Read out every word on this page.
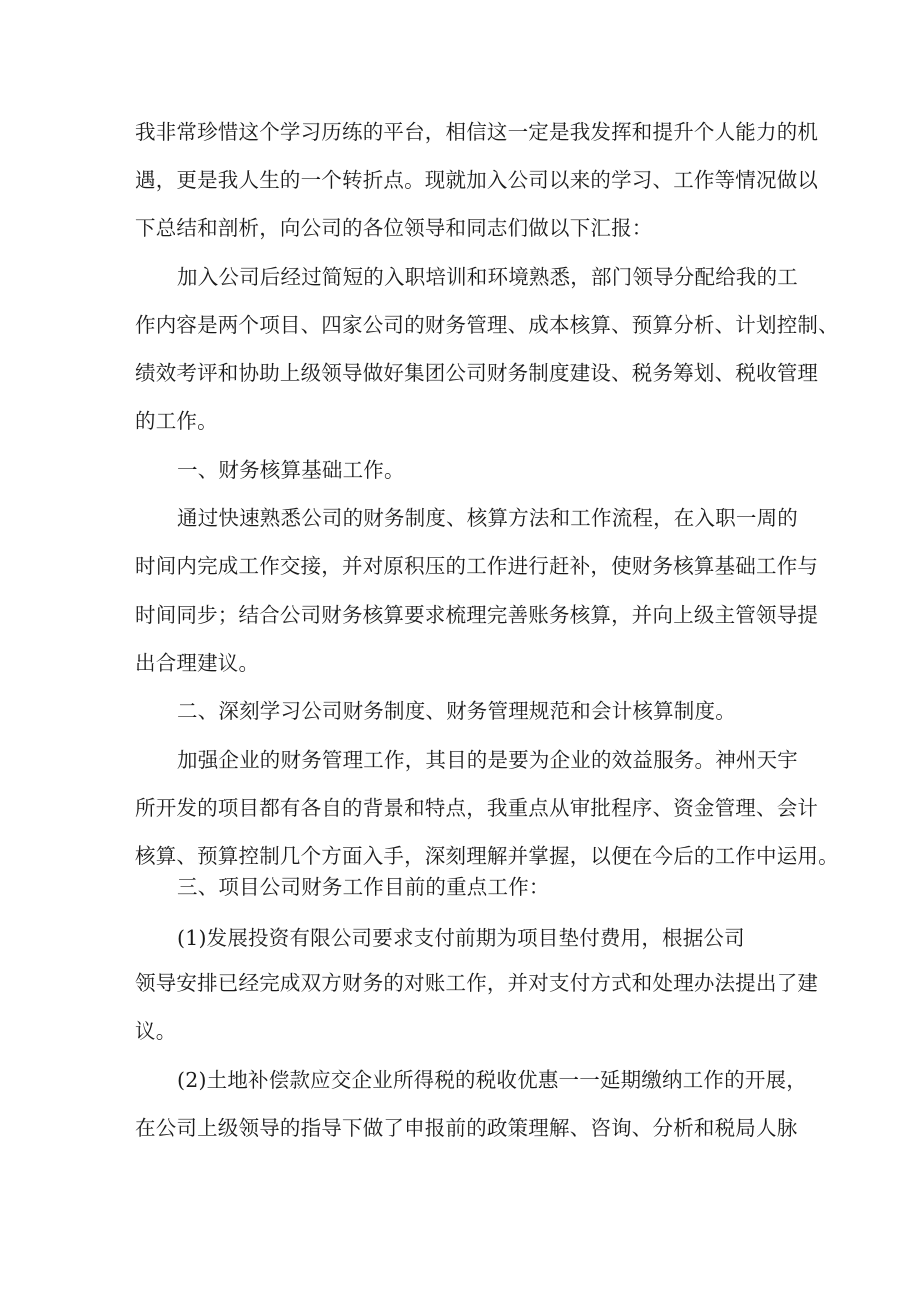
我非常珍惜这个学习历练的平台，相信这一定是我发挥和提升个人能力的机

遇，更是我人生的一个转折点。现就加入公司以来的学习、工作等情况做以

下总结和剖析，向公司的各位领导和同志们做以下汇报：

加入公司后经过简短的入职培训和环境熟悉，部门领导分配给我的工

作内容是两个项目、四家公司的财务管理、成本核算、预算分析、计划控制、

绩效考评和协助上级领导做好集团公司财务制度建设、税务筹划、税收管理

的工作。

一、财务核算基础工作。

通过快速熟悉公司的财务制度、核算方法和工作流程，在入职一周的

时间内完成工作交接，并对原积压的工作进行赶补，使财务核算基础工作与

时间同步；结合公司财务核算要求梳理完善账务核算，并向上级主管领导提

出合理建议。

二、深刻学习公司财务制度、财务管理规范和会计核算制度。

加强企业的财务管理工作，其目的是要为企业的效益服务。神州天宇

所开发的项目都有各自的背景和特点，我重点从审批程序、资金管理、会计

核算、预算控制几个方面入手，深刻理解并掌握，以便在今后的工作中运用。

三、项目公司财务工作目前的重点工作：

(1)发展投资有限公司要求支付前期为项目垫付费用，根据公司

领导安排已经完成双方财务的对账工作，并对支付方式和处理办法提出了建

议。

(2)土地补偿款应交企业所得税的税收优惠一一延期缴纳工作的开展，

在公司上级领导的指导下做了申报前的政策理解、咨询、分析和税局人脉
